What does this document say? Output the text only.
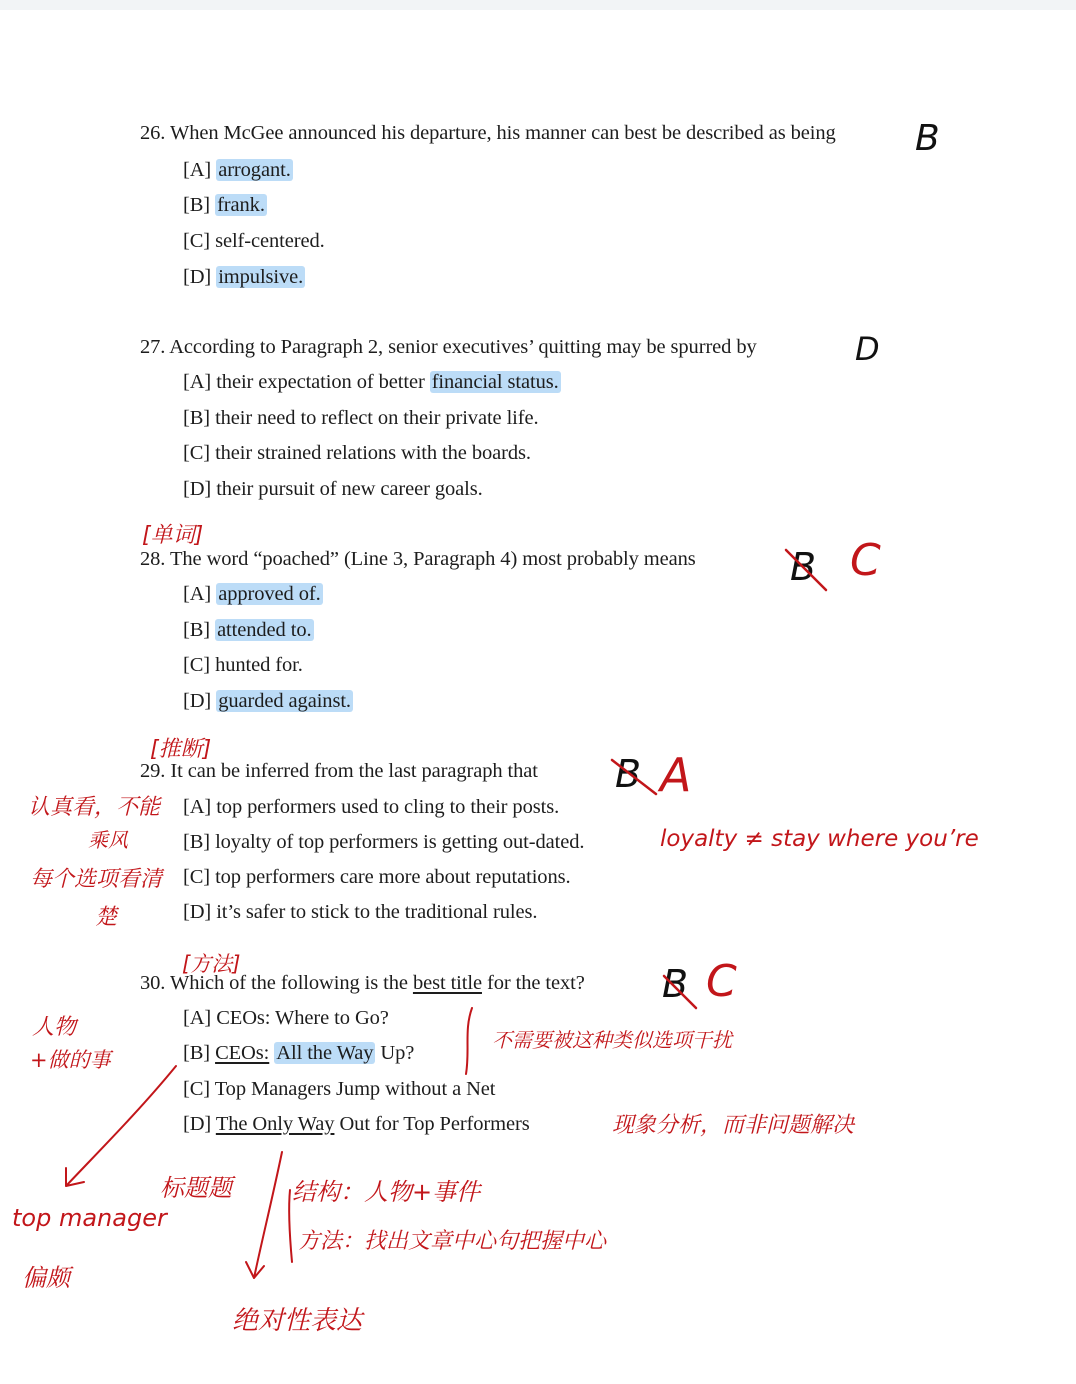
26. When McGee announced his departure, his manner can best be described as being B
[A] arrogant.
[B] frank.
[C] self-centered.
[D] impulsive.
27. According to Paragraph 2, senior executives’ quitting may be spurred by	D
[A] their expectation of better financial status.
[B] their need to reflect on their private life.
[C] their strained relations with the boards.
[D] their pursuit of new career goals.
[单词]
28. The word “poached” (Line 3, Paragraph 4) most probably means B C
[A] approved of.
[B] attended to.
[C] hunted for.
[D] guarded against.
[推断]
29. It can be inferred from the last paragraph that B A
认真看，不能
乘风
每个选项看清
楚
[A] top performers used to cling to their posts.
[B] loyalty of top performers is getting out-dated.	loyalty ≠ stay where you’re
[C] top performers care more about reputations.
[D] it’s safer to stick to the traditional rules.
[方法]
30. Which of the following is the best title for the text? B C
人物
+做的事
[A] CEOs: Where to Go?
[B] CEOs: All the Way Up?
不需要被这种类似选项干扰
[C] Top Managers Jump without a Net
[D] The Only Way Out for Top Performers	现象分析，而非问题解决
标题题	结构：人物+事件
方法：找出文章中心句把握中心
top manager
偏颇
绝对性表达
